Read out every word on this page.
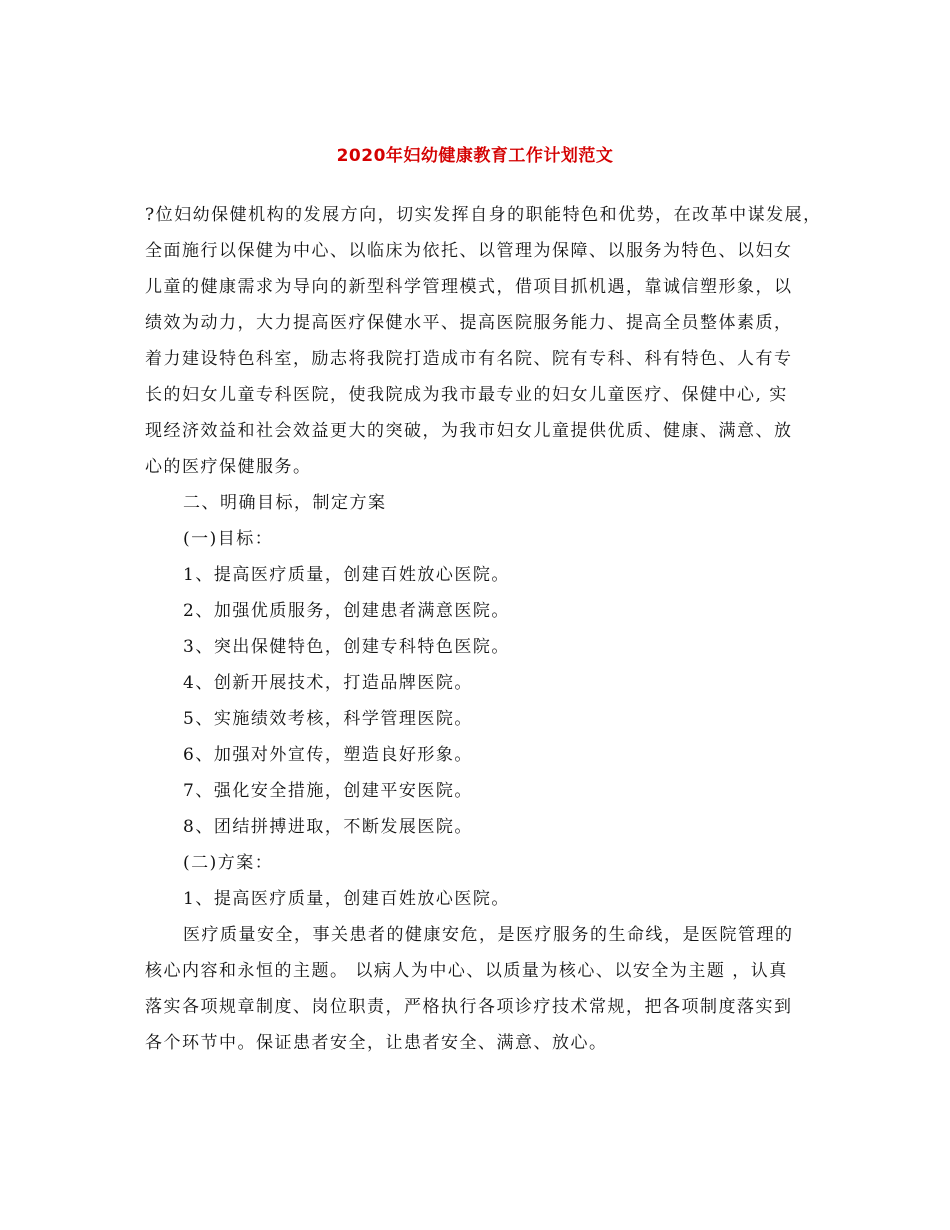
2020年妇幼健康教育工作计划范文
?位妇幼保健机构的发展方向，切实发挥自身的职能特色和优势，在改革中谋发展，
全面施行以保健为中心、以临床为依托、以管理为保障、以服务为特色、以妇女
儿童的健康需求为导向的新型科学管理模式，借项目抓机遇，靠诚信塑形象，以
绩效为动力，大力提高医疗保健水平、提高医院服务能力、提高全员整体素质，
着力建设特色科室，励志将我院打造成市有名院、院有专科、科有特色、人有专
长的妇女儿童专科医院，使我院成为我市最专业的妇女儿童医疗、保健中心, 实
现经济效益和社会效益更大的突破，为我市妇女儿童提供优质、健康、满意、放
心的医疗保健服务。
二、明确目标，制定方案
(一)目标：
1、提高医疗质量，创建百姓放心医院。
2、加强优质服务，创建患者满意医院。
3、突出保健特色，创建专科特色医院。
4、创新开展技术，打造品牌医院。
5、实施绩效考核，科学管理医院。
6、加强对外宣传，塑造良好形象。
7、强化安全措施，创建平安医院。
8、团结拼搏进取，不断发展医院。
(二)方案：
1、提高医疗质量，创建百姓放心医院。
医疗质量安全，事关患者的健康安危，是医疗服务的生命线，是医院管理的
核心内容和永恒的主题。 以病人为中心、以质量为核心、以安全为主题 ，认真
落实各项规章制度、岗位职责，严格执行各项诊疗技术常规，把各项制度落实到
各个环节中。保证患者安全，让患者安全、满意、放心。
